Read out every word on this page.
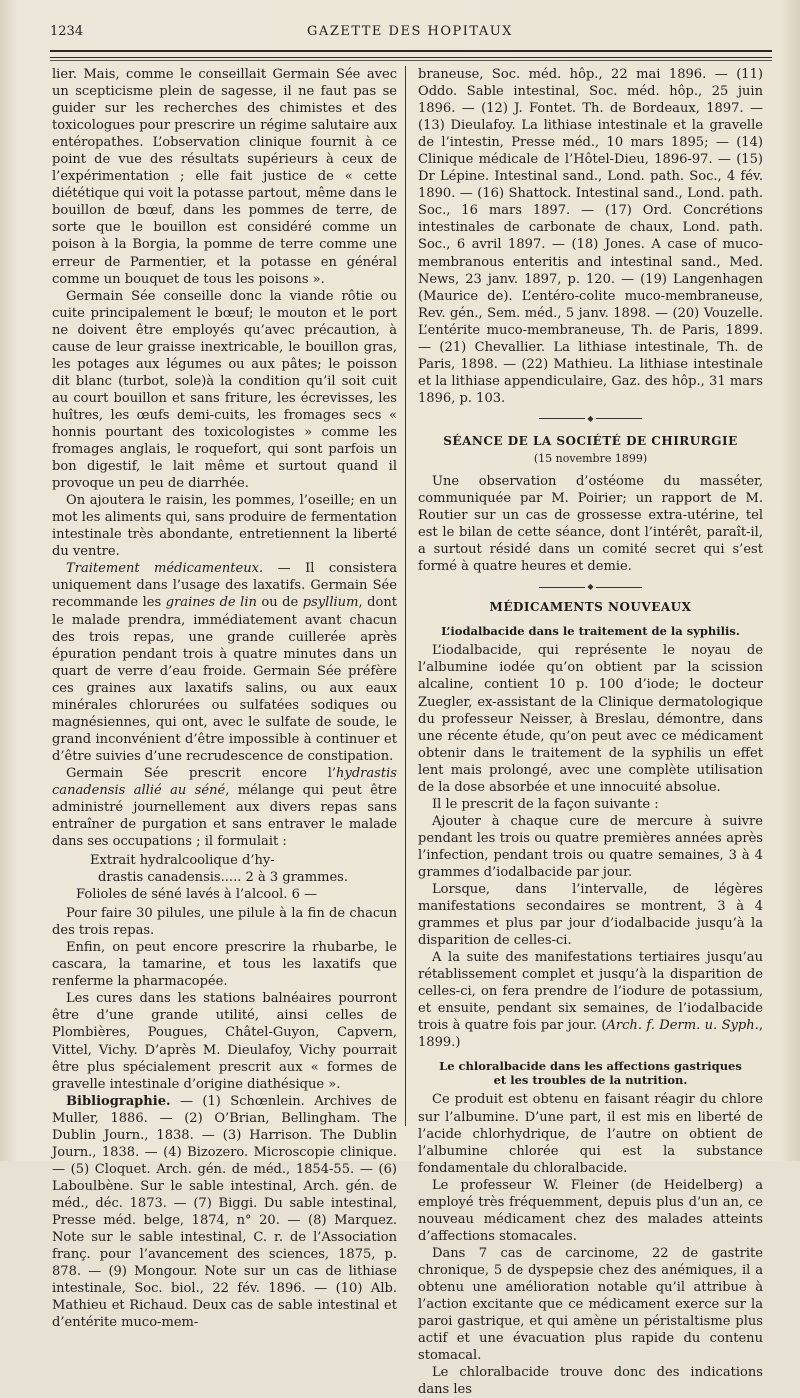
1234	GAZETTE DES HOPITAUX

lier. Mais, comme le conseillait Germain Sée avec un scepticisme plein de sagesse, il ne faut pas se guider sur les recherches des chimistes et des toxicologues pour prescrire un régime salutaire aux entéropathes. L’observation clinique fournit à ce point de vue des résultats supérieurs à ceux de l’expérimentation ; elle fait justice de « cette diététique qui voit la potasse partout, même dans le bouillon de bœuf, dans les pommes de terre, de sorte que le bouillon est considéré comme un poison à la Borgia, la pomme de terre comme une erreur de Parmentier, et la potasse en général comme un bouquet de tous les poisons ».

Germain Sée conseille donc la viande rôtie ou cuite principalement le bœuf; le mouton et le port ne doivent être employés qu’avec précaution, à cause de leur graisse inextricable, le bouillon gras, les potages aux légumes ou aux pâtes; le poisson dit blanc (turbot, sole)à la condition qu’il soit cuit au court bouillon et sans friture, les écrevisses, les huîtres, les œufs demi-cuits, les fromages secs « honnis pourtant des toxicologistes » comme les fromages anglais, le roquefort, qui sont parfois un bon digestif, le lait même et surtout quand il provoque un peu de diarrhée.

On ajoutera le raisin, les pommes, l’oseille; en un mot les aliments qui, sans produire de fermentation intestinale très abondante, entretiennent la liberté du ventre.

Traitement médicamenteux. — Il consistera uniquement dans l’usage des laxatifs. Germain Sée recommande les graines de lin ou de psyllium, dont le malade prendra, immédiatement avant chacun des trois repas, une grande cuillerée après épuration pendant trois à quatre minutes dans un quart de verre d’eau froide. Germain Sée préfère ces graines aux laxatifs salins, ou aux eaux minérales chlorurées ou sulfatées sodiques ou magnésiennes, qui ont, avec le sulfate de soude, le grand inconvénient d’être impossible à continuer et d’être suivies d’une recrudescence de constipation.

Germain Sée prescrit encore l’hydrastis canadensis allié au séné, mélange qui peut être administré journellement aux divers repas sans entraîner de purgation et sans entraver le malade dans ses occupations ; il formulait :

Extrait hydralcoolique d’hy-
drastis canadensis..... 2 à 3 grammes.
Folioles de séné lavés à l’alcool. 6 —

Pour faire 30 pilules, une pilule à la fin de chacun des trois repas.

Enfin, on peut encore prescrire la rhubarbe, le cascara, la tamarine, et tous les laxatifs que renferme la pharmacopée.

Les cures dans les stations balnéaires pourront être d’une grande utilité, ainsi celles de Plombières, Pougues, Châtel-Guyon, Capvern, Vittel, Vichy. D’après M. Dieulafoy, Vichy pourrait être plus spécialement prescrit aux « formes de gravelle intestinale d’origine diathésique ».

Bibliographie. — (1) Schœnlein. Archives de Muller, 1886. — (2) O’Brian, Bellingham. The Dublin Journ., 1838. — (3) Harrison. The Dublin Journ., 1838. — (4) Bizozero. Microscopie clinique. — (5) Cloquet. Arch. gén. de méd., 1854-55. — (6) Laboulbène. Sur le sable intestinal, Arch. gén. de méd., déc. 1873. — (7) Biggi. Du sable intestinal, Presse méd. belge, 1874, n° 20. — (8) Marquez. Note sur le sable intestinal, C. r. de l’Association franç. pour l’avancement des sciences, 1875, p. 878. — (9) Mongour. Note sur un cas de lithiase intestinale, Soc. biol., 22 fév. 1896. — (10) Alb. Mathieu et Richaud. Deux cas de sable intestinal et d’entérite muco-mem-

braneuse, Soc. méd. hôp., 22 mai 1896. — (11) Oddo. Sable intestinal, Soc. méd. hôp., 25 juin 1896. — (12) J. Fontet. Th. de Bordeaux, 1897. — (13) Dieulafoy. La lithiase intestinale et la gravelle de l’intestin, Presse méd., 10 mars 1895; — (14) Clinique médicale de l’Hôtel-Dieu, 1896-97. — (15) Dr Lépine. Intestinal sand., Lond. path. Soc., 4 fév. 1890. — (16) Shattock. Intestinal sand., Lond. path. Soc., 16 mars 1897. — (17) Ord. Concrétions intestinales de carbonate de chaux, Lond. path. Soc., 6 avril 1897. — (18) Jones. A case of muco-membranous enteritis and intestinal sand., Med. News, 23 janv. 1897, p. 120. — (19) Langenhagen (Maurice de). L’entéro-colite muco-membraneuse, Rev. gén., Sem. méd., 5 janv. 1898. — (20) Vouzelle. L’entérite muco-membraneuse, Th. de Paris, 1899. — (21) Chevallier. La lithiase intestinale, Th. de Paris, 1898. — (22) Mathieu. La lithiase intestinale et la lithiase appendiculaire, Gaz. des hôp., 31 mars 1896, p. 103.

◆
SÉANCE DE LA SOCIÉTÉ DE CHIRURGIE
(15 novembre 1899)

Une observation d’ostéome du masséter, communiquée par M. Poirier; un rapport de M. Routier sur un cas de grossesse extra-utérine, tel est le bilan de cette séance, dont l’intérêt, paraît-il, a surtout résidé dans un comité secret qui s’est formé à quatre heures et demie.

◆
MÉDICAMENTS NOUVEAUX
L’iodalbacide dans le traitement de la syphilis.

L’iodalbacide, qui représente le noyau de l’albumine iodée qu’on obtient par la scission alcaline, contient 10 p. 100 d’iode; le docteur Zuegler, ex-assistant de la Clinique dermatologique du professeur Neisser, à Breslau, démontre, dans une récente étude, qu’on peut avec ce médicament obtenir dans le traitement de la syphilis un effet lent mais prolongé, avec une complète utilisation de la dose absorbée et une innocuité absolue.

Il le prescrit de la façon suivante :

Ajouter à chaque cure de mercure à suivre pendant les trois ou quatre premières années après l’infection, pendant trois ou quatre semaines, 3 à 4 grammes d’iodalbacide par jour.

Lorsque, dans l’intervalle, de légères manifestations secondaires se montrent, 3 à 4 grammes et plus par jour d’iodalbacide jusqu’à la disparition de celles-ci.

A la suite des manifestations tertiaires jusqu’au rétablissement complet et jusqu’à la disparition de celles-ci, on fera prendre de l’iodure de potassium, et ensuite, pendant six semaines, de l’iodalbacide trois à quatre fois par jour. (Arch. f. Derm. u. Syph., 1899.)

Le chloralbacide dans les affections gastriques
et les troubles de la nutrition.

Ce produit est obtenu en faisant réagir du chlore sur l’albumine. D’une part, il est mis en liberté de l’acide chlorhydrique, de l’autre on obtient de l’albumine chlorée qui est la substance fondamentale du chloralbacide.

Le professeur W. Fleiner (de Heidelberg) a employé très fréquemment, depuis plus d’un an, ce nouveau médicament chez des malades atteints d’affections stomacales.

Dans 7 cas de carcinome, 22 de gastrite chronique, 5 de dyspepsie chez des anémiques, il a obtenu une amélioration notable qu’il attribue à l’action excitante que ce médicament exerce sur la paroi gastrique, et qui amène un péristaltisme plus actif et une évacuation plus rapide du contenu stomacal.

Le chloralbacide trouve donc des indications dans les
